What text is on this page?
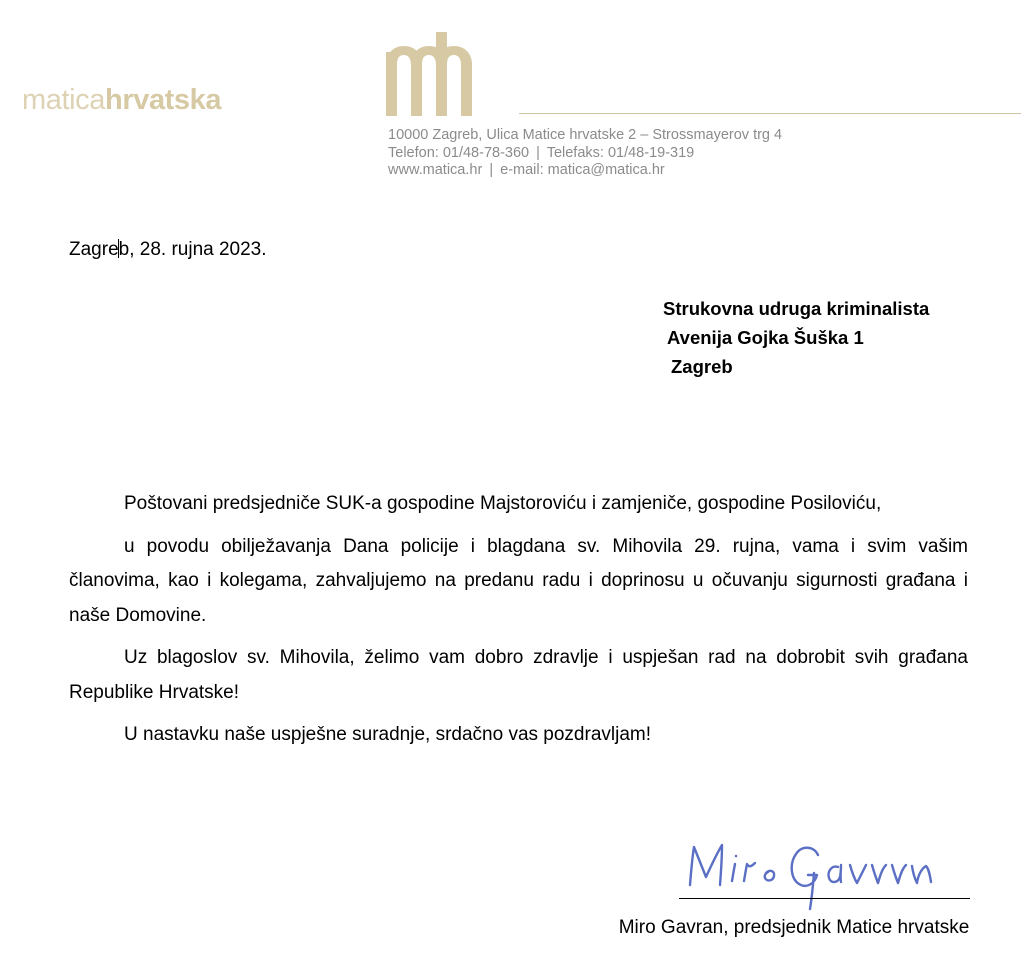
maticahrvatska
10000 Zagreb, Ulica Matice hrvatske 2 – Strossmayerov trg 4
Telefon: 01/48-78-360 | Telefaks: 01/48-19-319
www.matica.hr | e-mail: matica@matica.hr
Zagreb, 28. rujna 2023.
Strukovna udruga kriminalista
Avenija Gojka Šuška 1
Zagreb

Poštovani predsjedniče SUK-a gospodine Majstoroviću i zamjeniče, gospodine Posiloviću,

u povodu obilježavanja Dana policije i blagdana sv. Mihovila 29. rujna, vama i svim vašim članovima, kao i kolegama, zahvaljujemo na predanu radu i doprinosu u očuvanju sigurnosti građana i naše Domovine.

Uz blagoslov sv. Mihovila, želimo vam dobro zdravlje i uspješan rad na dobrobit svih građana Republike Hrvatske!

U nastavku naše uspješne suradnje, srdačno vas pozdravljam!

Miro Gavran, predsjednik Matice hrvatske
